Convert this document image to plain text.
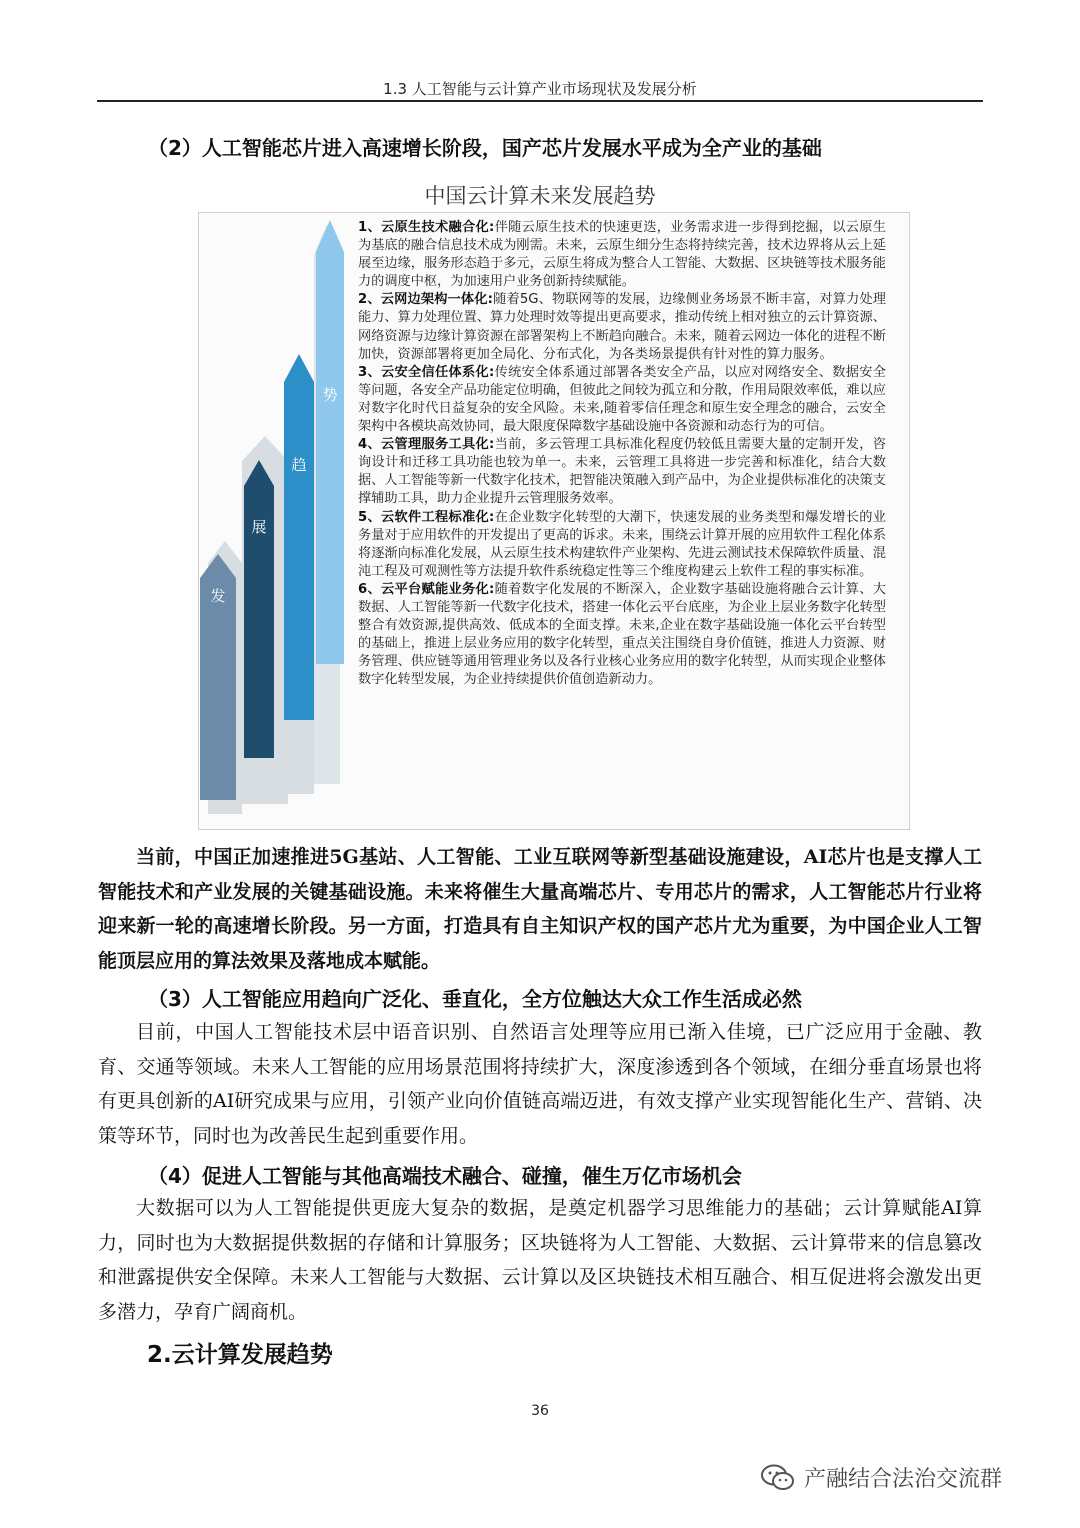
1.3 人工智能与云计算产业市场现状及发展分析
（2）人工智能芯片进入高速增长阶段，国产芯片发展水平成为全产业的基础
中国云计算未来发展趋势
发
展
趋
势

1、云原生技术融合化:伴随云原生技术的快速更迭，业务需求进一步得到挖掘，以云原生为基底的融合信息技术成为刚需。未来，云原生细分生态将持续完善，技术边界将从云上延展至边缘，服务形态趋于多元，云原生将成为整合人工智能、大数据、区块链等技术服务能力的调度中枢，为加速用户业务创新持续赋能。

2、云网边架构一体化:随着5G、物联网等的发展，边缘侧业务场景不断丰富，对算力处理能力、算力处理位置、算力处理时效等提出更高要求，推动传统上相对独立的云计算资源、网络资源与边缘计算资源在部署架构上不断趋向融合。未来，随着云网边一体化的进程不断加快，资源部署将更加全局化、分布式化，为各类场景提供有针对性的算力服务。

3、云安全信任体系化:传统安全体系通过部署各类安全产品，以应对网络安全、数据安全等问题，各安全产品功能定位明确，但彼此之间较为孤立和分散，作用局限效率低，难以应对数字化时代日益复杂的安全风险。未来,随着零信任理念和原生安全理念的融合，云安全架构中各模块高效协同，最大限度保障数字基础设施中各资源和动态行为的可信。

4、云管理服务工具化:当前，多云管理工具标准化程度仍较低且需要大量的定制开发，咨询设计和迁移工具功能也较为单一。未来，云管理工具将进一步完善和标准化，结合大数据、人工智能等新一代数字化技术，把智能决策融入到产品中，为企业提供标准化的决策支撑辅助工具，助力企业提升云管理服务效率。

5、云软件工程标准化:在企业数字化转型的大潮下，快速发展的业务类型和爆发增长的业务量对于应用软件的开发提出了更高的诉求。未来，围绕云计算开展的应用软件工程化体系将逐渐向标准化发展，从云原生技术构建软件产业架构、先进云测试技术保障软件质量、混沌工程及可观测性等方法提升软件系统稳定性等三个维度构建云上软件工程的事实标准。

6、云平台赋能业务化:随着数字化发展的不断深入，企业数字基础设施将融合云计算、大数据、人工智能等新一代数字化技术，搭建一体化云平台底座，为企业上层业务数字化转型整合有效资源,提供高效、低成本的全面支撑。未来,企业在数字基础设施一体化云平台转型的基础上，推进上层业务应用的数字化转型，重点关注围绕自身价值链，推进人力资源、财务管理、供应链等通用管理业务以及各行业核心业务应用的数字化转型，从而实现企业整体数字化转型发展，为企业持续提供价值创造新动力。

当前，中国正加速推进5G基站、人工智能、工业互联网等新型基础设施建设，AI芯片也是支撑人工智能技术和产业发展的关键基础设施。未来将催生大量高端芯片、专用芯片的需求，人工智能芯片行业将迎来新一轮的高速增长阶段。另一方面，打造具有自主知识产权的国产芯片尤为重要，为中国企业人工智能顶层应用的算法效果及落地成本赋能。
（3）人工智能应用趋向广泛化、垂直化，全方位触达大众工作生活成必然
目前，中国人工智能技术层中语音识别、自然语言处理等应用已渐入佳境，已广泛应用于金融、教育、交通等领域。未来人工智能的应用场景范围将持续扩大，深度渗透到各个领域，在细分垂直场景也将有更具创新的AI研究成果与应用，引领产业向价值链高端迈进，有效支撑产业实现智能化生产、营销、决策等环节，同时也为改善民生起到重要作用。
（4）促进人工智能与其他高端技术融合、碰撞，催生万亿市场机会
大数据可以为人工智能提供更庞大复杂的数据，是奠定机器学习思维能力的基础；云计算赋能AI算力，同时也为大数据提供数据的存储和计算服务；区块链将为人工智能、大数据、云计算带来的信息篡改和泄露提供安全保障。未来人工智能与大数据、云计算以及区块链技术相互融合、相互促进将会激发出更多潜力，孕育广阔商机。
2.云计算发展趋势
36
产融结合法治交流群
